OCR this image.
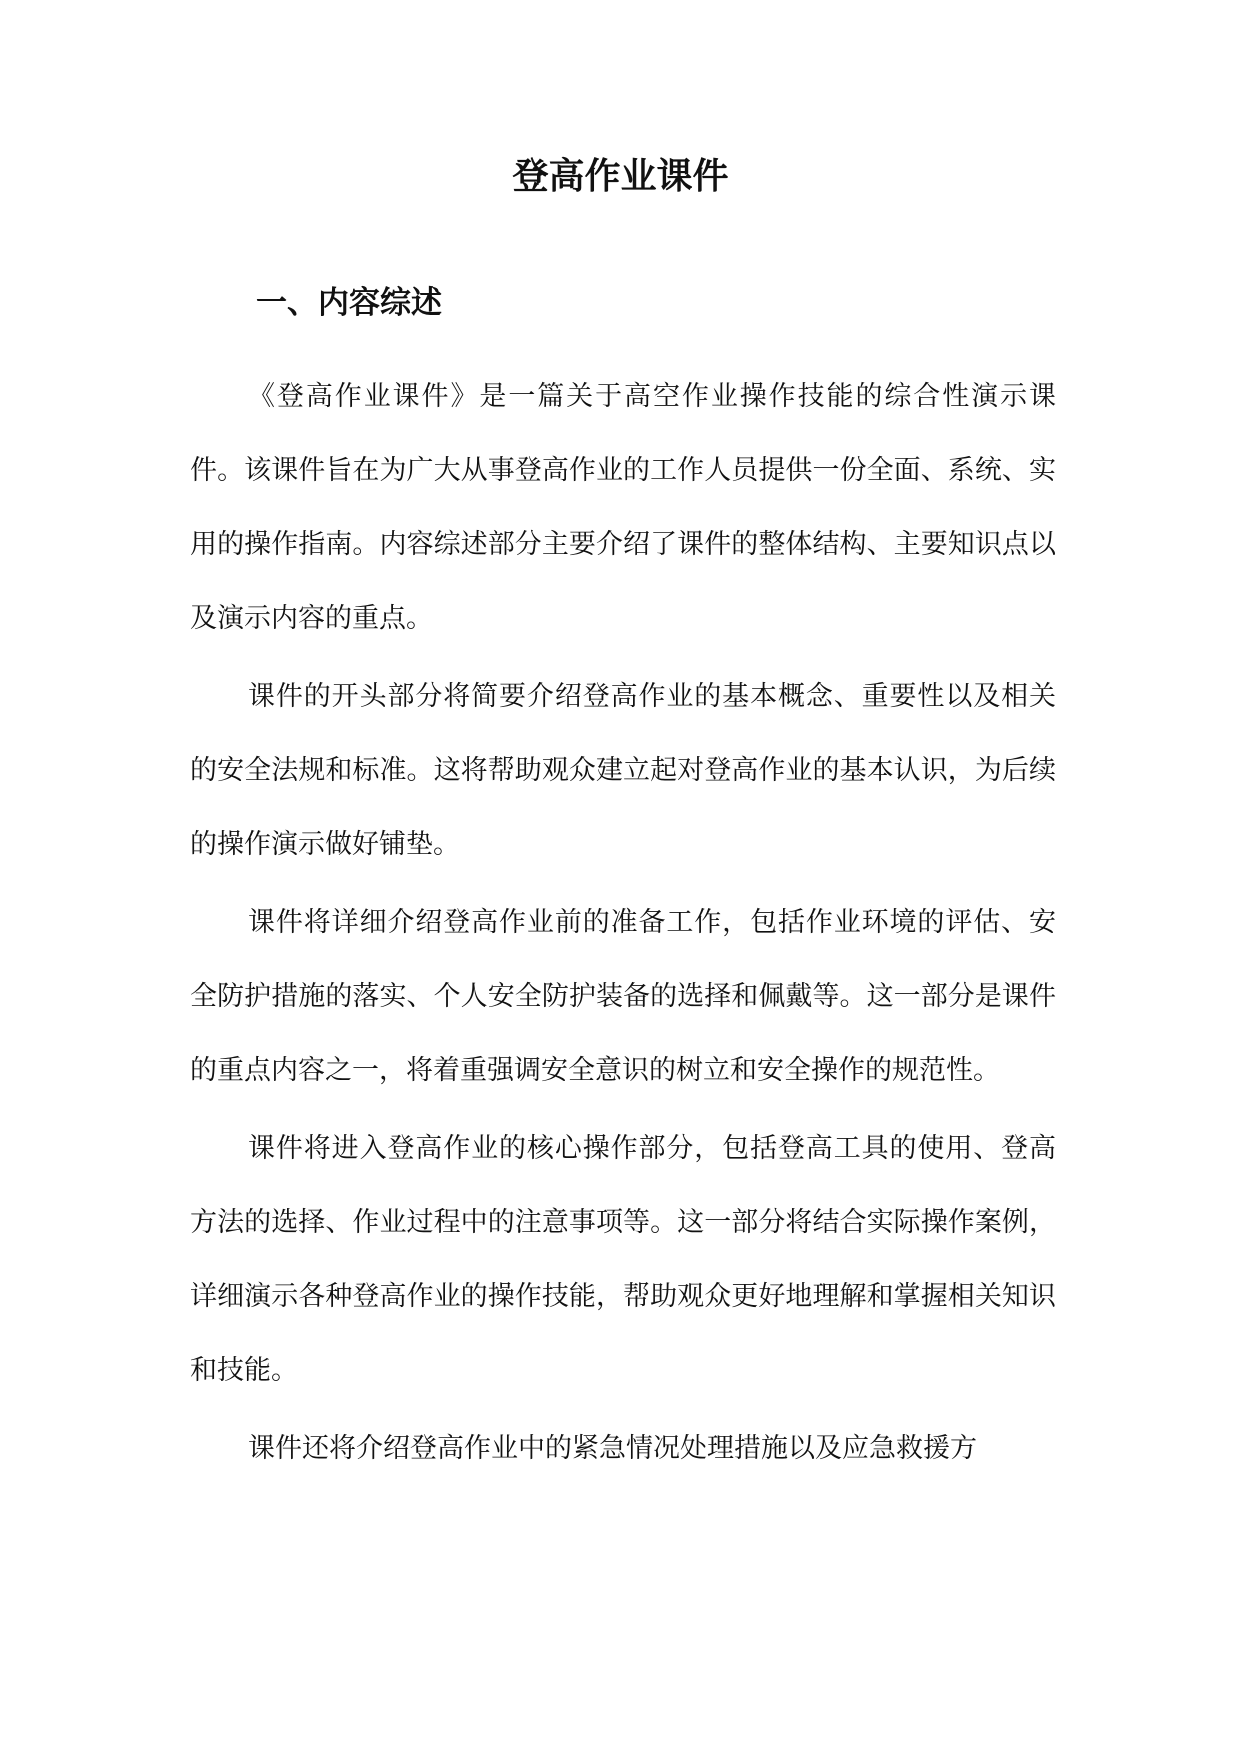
登高作业课件
一、内容综述

《登高作业课件》是一篇关于高空作业操作技能的综合性演示课件。该课件旨在为广大从事登高作业的工作人员提供一份全面、系统、实用的操作指南。内容综述部分主要介绍了课件的整体结构、主要知识点以及演示内容的重点。

课件的开头部分将简要介绍登高作业的基本概念、重要性以及相关的安全法规和标准。这将帮助观众建立起对登高作业的基本认识，为后续的操作演示做好铺垫。

课件将详细介绍登高作业前的准备工作，包括作业环境的评估、安全防护措施的落实、个人安全防护装备的选择和佩戴等。这一部分是课件的重点内容之一，将着重强调安全意识的树立和安全操作的规范性。

课件将进入登高作业的核心操作部分，包括登高工具的使用、登高方法的选择、作业过程中的注意事项等。这一部分将结合实际操作案例，详细演示各种登高作业的操作技能，帮助观众更好地理解和掌握相关知识和技能。

课件还将介绍登高作业中的紧急情况处理措施以及应急救援方
